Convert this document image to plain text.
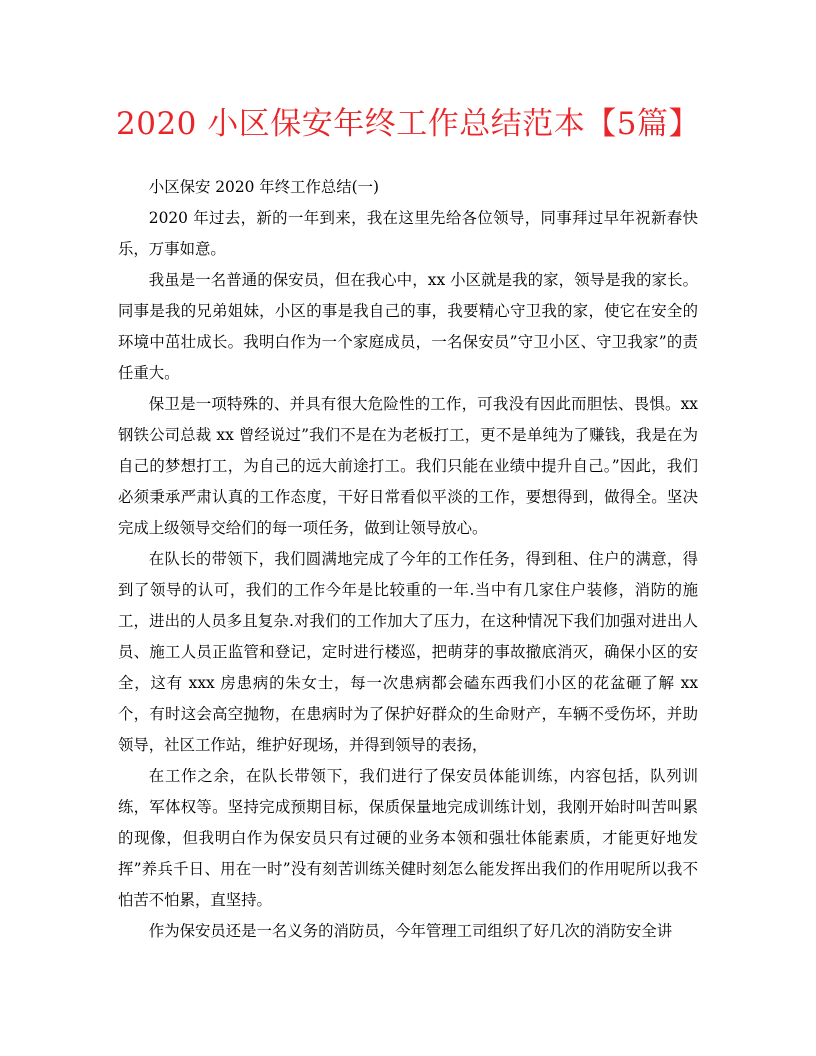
2020 小区保安年终工作总结范本【5篇】

小区保安 2020 年终工作总结(一)

2020 年过去，新的一年到来，我在这里先给各位领导，同事拜过早年祝新春快乐，万事如意。

我虽是一名普通的保安员，但在我心中，xx 小区就是我的家，领导是我的家长。同事是我的兄弟姐妹，小区的事是我自己的事，我要精心守卫我的家，使它在安全的环境中茁壮成长。我明白作为一个家庭成员，一名保安员”守卫小区、守卫我家”的责任重大。

保卫是一项特殊的、并具有很大危险性的工作，可我没有因此而胆怯、畏惧。xx 钢铁公司总裁 xx 曾经说过”我们不是在为老板打工，更不是单纯为了赚钱，我是在为自己的梦想打工，为自己的远大前途打工。我们只能在业绩中提升自己。”因此，我们必须秉承严肃认真的工作态度，干好日常看似平淡的工作，要想得到，做得全。坚决完成上级领导交给们的每一项任务，做到让领导放心。

在队长的带领下，我们圆满地完成了今年的工作任务，得到租、住户的满意，得到了领导的认可，我们的工作今年是比较重的一年.当中有几家住户装修，消防的施工，进出的人员多且复杂.对我们的工作加大了压力，在这种情况下我们加强对进出人员、施工人员正监管和登记，定时进行楼巡，把萌芽的事故撤底消灭，确保小区的安全，这有 xxx 房患病的朱女士，每一次患病都会磕东西我们小区的花盆砸了解 xx 个，有时这会高空抛物，在患病时为了保护好群众的生命财产，车辆不受伤坏，并助领导，社区工作站，维护好现场，并得到领导的表扬，

在工作之余，在队长带领下，我们进行了保安员体能训练，内容包括，队列训练，军体权等。坚持完成预期目标，保质保量地完成训练计划，我刚开始时叫苦叫累的现像，但我明白作为保安员只有过硬的业务本领和强壮体能素质，才能更好地发挥”养兵千日、用在一时”没有刻苦训练关健时刻怎么能发挥出我们的作用呢所以我不怕苦不怕累，直坚持。

作为保安员还是一名义务的消防员，今年管理工司组织了好几次的消防安全讲
